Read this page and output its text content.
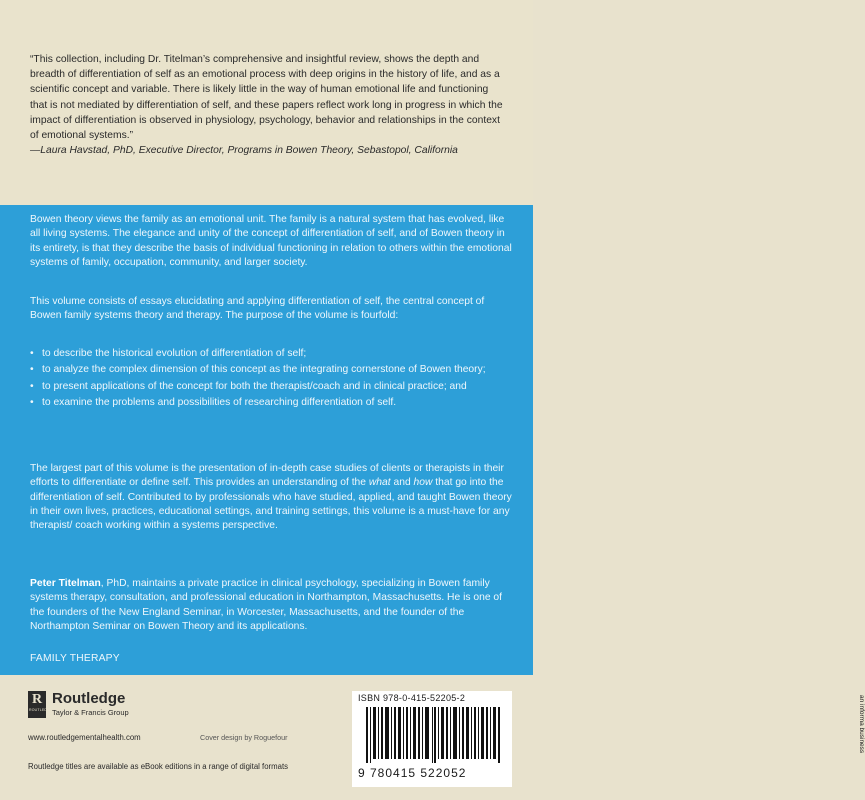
“This collection, including Dr. Titelman’s comprehensive and insightful review, shows the depth and breadth of differentiation of self as an emotional process with deep origins in the history of life, and as a scientific concept and variable. There is likely little in the way of human emotional life and functioning that is not mediated by differentiation of self, and these papers reflect work long in progress in which the impact of differentiation is observed in physiology, psychology, behavior and relationships in the context of emotional systems.”

—Laura Havstad, PhD, Executive Director, Programs in Bowen Theory, Sebastopol, California

Bowen theory views the family as an emotional unit. The family is a natural system that has evolved, like all living systems. The elegance and unity of the concept of differentiation of self, and of Bowen theory in its entirety, is that they describe the basis of individual functioning in relation to others within the emotional systems of family, occupation, community, and larger society.

This volume consists of essays elucidating and applying differentiation of self, the central concept of Bowen family systems theory and therapy. The purpose of the volume is fourfold:

• to describe the historical evolution of differentiation of self;
• to analyze the complex dimension of this concept as the integrating cornerstone of Bowen theory;
• to present applications of the concept for both the therapist/coach and in clinical practice; and
• to examine the problems and possibilities of researching differentiation of self.

The largest part of this volume is the presentation of in-depth case studies of clients or therapists in their efforts to differentiate or define self. This provides an understanding of the what and how that go into the differentiation of self. Contributed to by professionals who have studied, applied, and taught Bowen theory in their own lives, practices, educational settings, and training settings, this volume is a must-have for any therapist/ coach working within a systems perspective.

Peter Titelman, PhD, maintains a private practice in clinical psychology, specializing in Bowen family systems therapy, consultation, and professional education in Northampton, Massachusetts. He is one of the founders of the New England Seminar, in Worcester, Massachusetts, and the founder of the Northampton Seminar on Bowen Theory and its applications.

FAMILY THERAPY
R
ROUTLEDGE
Routledge
Taylor & Francis Group
www.routledgementalhealth.com	Cover design by Roguefour
Routledge titles are available as eBook editions in a range of digital formats
ISBN 978-0-415-52205-2
9 780415 522052
an informa business
